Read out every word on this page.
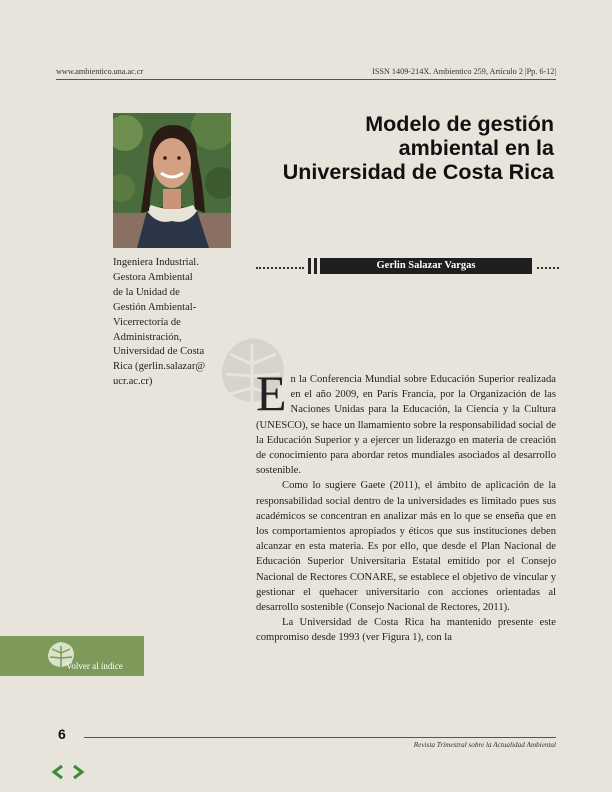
www.ambientico.una.ac.cr	ISSN 1409-214X. Ambientico 259, Artículo 2 |Pp. 6-12|
Modelo de gestión
ambiental en la
Universidad de Costa Rica
Gerlin Salazar Vargas
Ingeniera Industrial.
Gestora Ambiental
de la Unidad de
Gestión Ambiental-
Vicerrectoría de
Administración,
Universidad de Costa
Rica (gerlin.salazar@
ucr.ac.cr)	En la Conferencia Mundial sobre Educación Superior realizada en el año 2009, en París Francia, por la Organización de las Naciones Unidas para la Educación, la Ciencia y la Cultura (UNESCO), se hace un llamamiento sobre la responsabilidad social de la Educación Superior y a ejercer un liderazgo en materia de creación de conocimiento para abordar retos mundiales asociados al desarrollo sostenible.

Como lo sugiere Gaete (2011), el ámbito de aplicación de la responsabilidad social dentro de la universidades es limitado pues sus académicos se concentran en analizar más en lo que se enseña que en los comportamientos apropiados y éticos que sus instituciones deben alcanzar en esta materia. Es por ello, que desde el Plan Nacional de Educación Superior Universitaria Estatal emitido por el Consejo Nacional de Rectores CONARE, se establece el objetivo de vincular y gestionar el quehacer universitario con acciones orientadas al desarrollo sostenible (Consejo Nacional de Rectores, 2011).

La Universidad de Costa Rica ha mantenido presente este compromiso desde 1993 (ver Figura 1), con la

Volver al índice
6
Revista Trimestral sobre la Actualidad Ambiental
